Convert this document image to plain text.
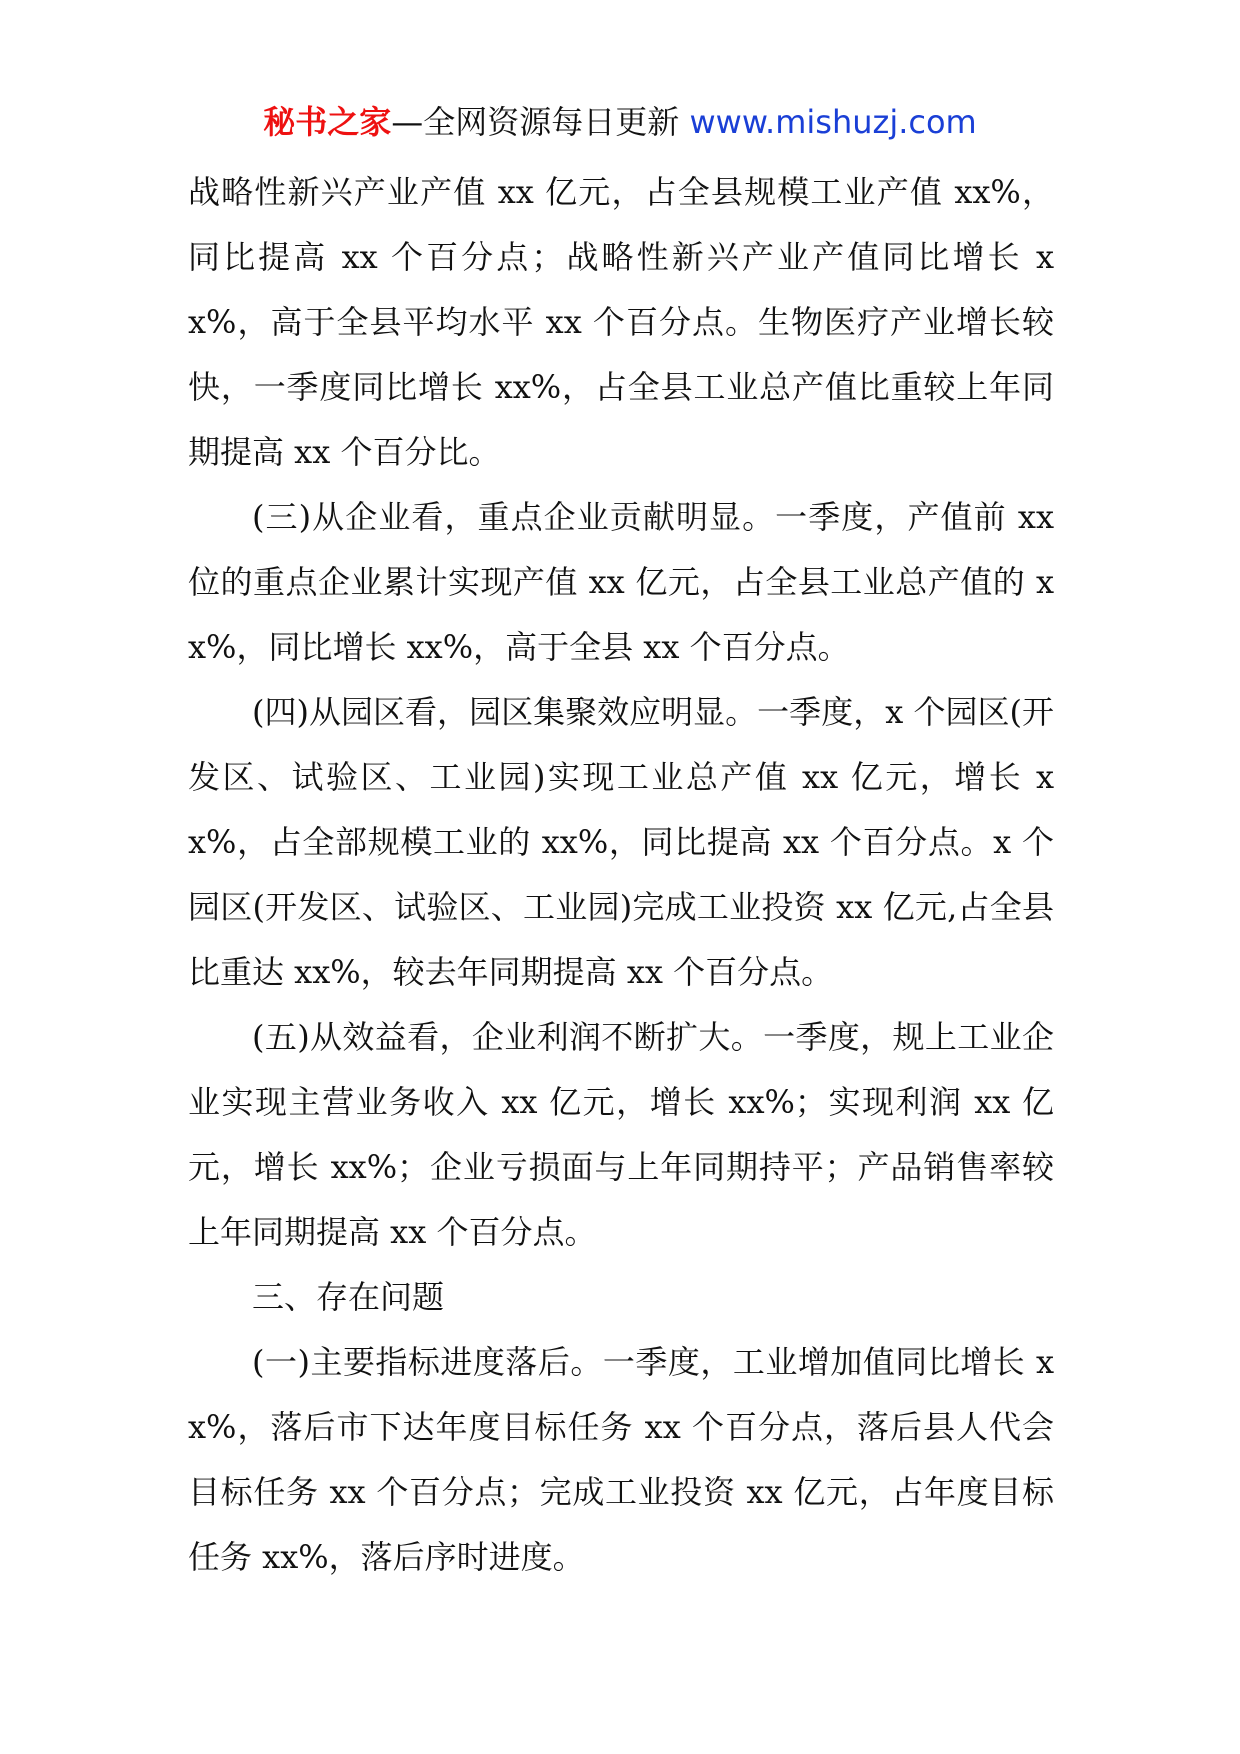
秘书之家—全网资源每日更新 www.mishuzj.com

战略性新兴产业产值 xx 亿元，占全县规模工业产值 xx%，同比提高 xx 个百分点；战略性新兴产业产值同比增长 xx%，高于全县平均水平 xx 个百分点。生物医疗产业增长较快，一季度同比增长 xx%，占全县工业总产值比重较上年同期提高 xx 个百分比。

(三)从企业看，重点企业贡献明显。一季度，产值前 xx 位的重点企业累计实现产值 xx 亿元，占全县工业总产值的 xx%，同比增长 xx%，高于全县 xx 个百分点。

(四)从园区看，园区集聚效应明显。一季度，x 个园区(开发区、试验区、工业园)实现工业总产值 xx 亿元，增长 xx%，占全部规模工业的 xx%，同比提高 xx 个百分点。x 个园区(开发区、试验区、工业园)完成工业投资 xx 亿元,占全县比重达 xx%，较去年同期提高 xx 个百分点。

(五)从效益看，企业利润不断扩大。一季度，规上工业企业实现主营业务收入 xx 亿元，增长 xx%；实现利润 xx 亿元，增长 xx%；企业亏损面与上年同期持平；产品销售率较上年同期提高 xx 个百分点。

三、存在问题

(一)主要指标进度落后。一季度，工业增加值同比增长 xx%，落后市下达年度目标任务 xx 个百分点，落后县人代会目标任务 xx 个百分点；完成工业投资 xx 亿元，占年度目标任务 xx%，落后序时进度。
